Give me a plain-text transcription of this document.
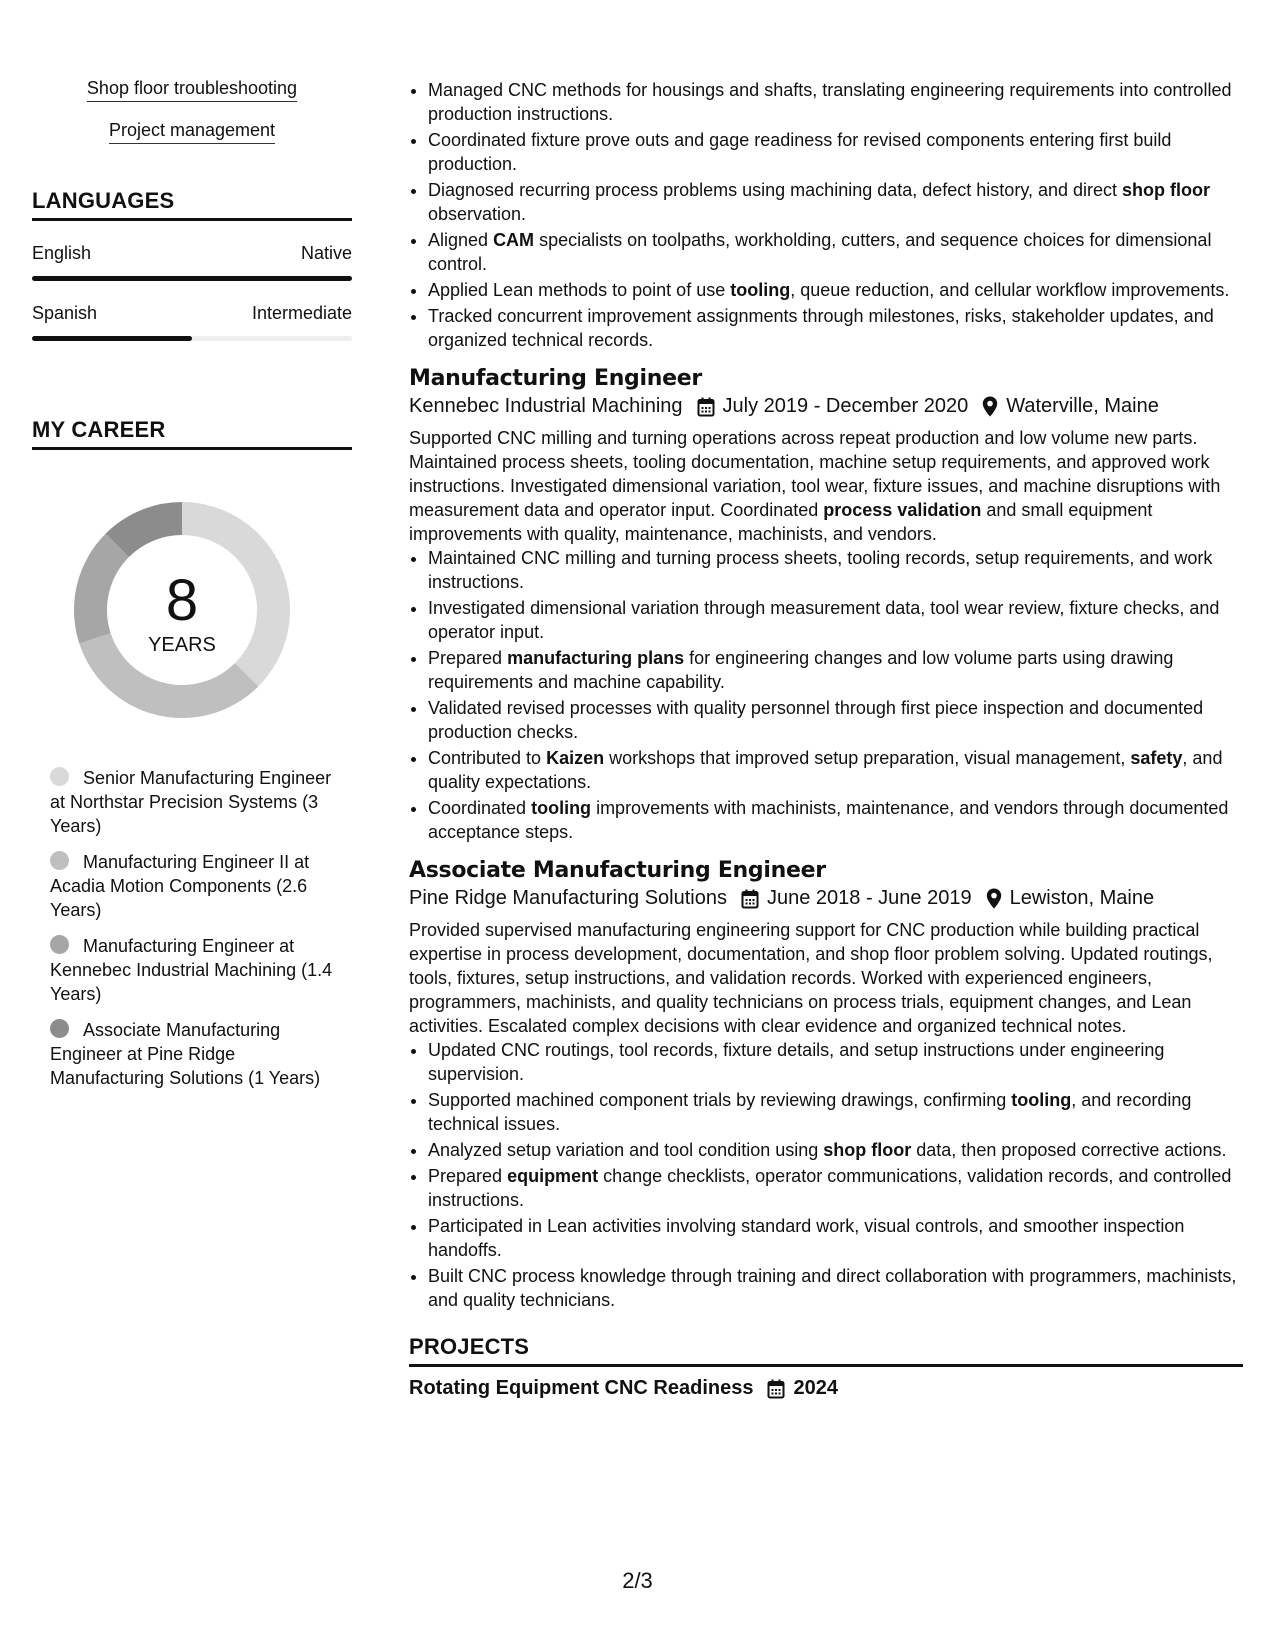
Shop floor troubleshooting
Project management
LANGUAGES
English	Native
Spanish	Intermediate
MY CAREER
8
YEARS
Senior Manufacturing Engineer at Northstar Precision Systems (3 Years)
Manufacturing Engineer II at Acadia Motion Components (2.6 Years)
Manufacturing Engineer at Kennebec Industrial Machining (1.4 Years)
Associate Manufacturing Engineer at Pine Ridge Manufacturing Solutions (1 Years)
• Managed CNC methods for housings and shafts, translating engineering requirements into controlled production instructions.
• Coordinated fixture prove outs and gage readiness for revised components entering first build production.
• Diagnosed recurring process problems using machining data, defect history, and direct shop floor observation.
• Aligned CAM specialists on toolpaths, workholding, cutters, and sequence choices for dimensional control.
• Applied Lean methods to point of use tooling, queue reduction, and cellular workflow improvements.
• Tracked concurrent improvement assignments through milestones, risks, stakeholder updates, and organized technical records.
Manufacturing Engineer
Kennebec Industrial Machining July 2019 - December 2020 Waterville, Maine

Supported CNC milling and turning operations across repeat production and low volume new parts. Maintained process sheets, tooling documentation, machine setup requirements, and approved work instructions. Investigated dimensional variation, tool wear, fixture issues, and machine disruptions with measurement data and operator input. Coordinated process validation and small equipment improvements with quality, maintenance, machinists, and vendors.

• Maintained CNC milling and turning process sheets, tooling records, setup requirements, and work instructions.
• Investigated dimensional variation through measurement data, tool wear review, fixture checks, and operator input.
• Prepared manufacturing plans for engineering changes and low volume parts using drawing requirements and machine capability.
• Validated revised processes with quality personnel through first piece inspection and documented production checks.
• Contributed to Kaizen workshops that improved setup preparation, visual management, safety, and quality expectations.
• Coordinated tooling improvements with machinists, maintenance, and vendors through documented acceptance steps.
Associate Manufacturing Engineer
Pine Ridge Manufacturing Solutions June 2018 - June 2019 Lewiston, Maine

Provided supervised manufacturing engineering support for CNC production while building practical expertise in process development, documentation, and shop floor problem solving. Updated routings, tools, fixtures, setup instructions, and validation records. Worked with experienced engineers, programmers, machinists, and quality technicians on process trials, equipment changes, and Lean activities. Escalated complex decisions with clear evidence and organized technical notes.

• Updated CNC routings, tool records, fixture details, and setup instructions under engineering supervision.
• Supported machined component trials by reviewing drawings, confirming tooling, and recording technical issues.
• Analyzed setup variation and tool condition using shop floor data, then proposed corrective actions.
• Prepared equipment change checklists, operator communications, validation records, and controlled instructions.
• Participated in Lean activities involving standard work, visual controls, and smoother inspection handoffs.
• Built CNC process knowledge through training and direct collaboration with programmers, machinists, and quality technicians.
PROJECTS
Rotating Equipment CNC Readiness 2024
2/3
